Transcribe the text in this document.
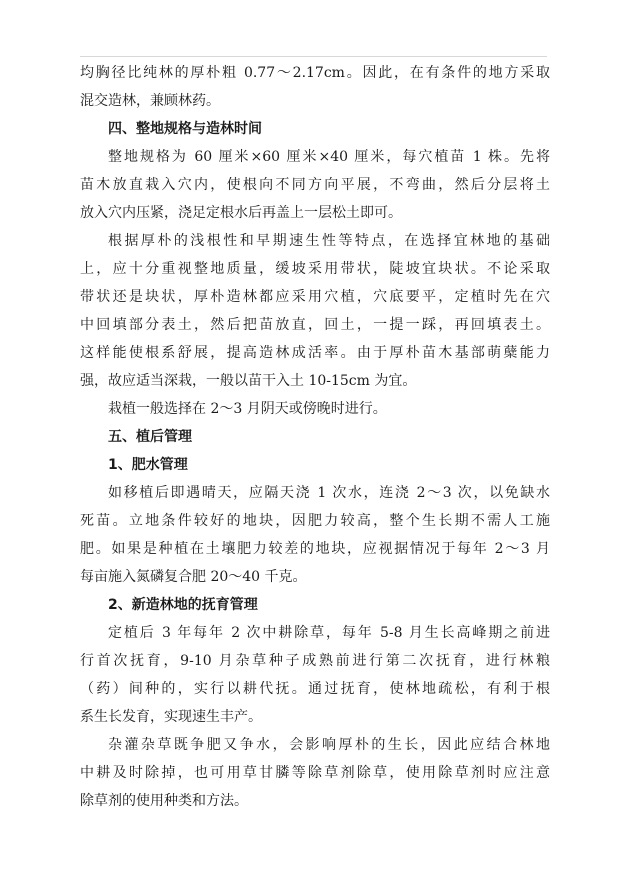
均胸径比纯林的厚朴粗 0.77～2.17cm。因此，在有条件的地方采取
混交造林，兼顾林药。
四、整地规格与造林时间
整地规格为 60 厘米×60 厘米×40 厘米，每穴植苗 1 株。先将
苗木放直栽入穴内，使根向不同方向平展，不弯曲，然后分层将土
放入穴内压紧，浇足定根水后再盖上一层松土即可。
根据厚朴的浅根性和早期速生性等特点，在选择宜林地的基础
上，应十分重视整地质量，缓坡采用带状，陡坡宜块状。不论采取
带状还是块状，厚朴造林都应采用穴植，穴底要平，定植时先在穴
中回填部分表土，然后把苗放直，回土，一提一踩，再回填表土。
这样能使根系舒展，提高造林成活率。由于厚朴苗木基部萌蘖能力
强，故应适当深栽，一般以苗干入土 10-15cm 为宜。
栽植一般选择在 2～3 月阴天或傍晚时进行。
五、植后管理
1、肥水管理
如移植后即遇晴天，应隔天浇 1 次水，连浇 2～3 次，以免缺水
死苗。立地条件较好的地块，因肥力较高，整个生长期不需人工施
肥。如果是种植在土壤肥力较差的地块，应视据情况于每年 2～3 月
每亩施入氮磷复合肥 20～40 千克。
2、新造林地的抚育管理
定植后 3 年每年 2 次中耕除草，每年 5-8 月生长高峰期之前进
行首次抚育，9-10 月杂草种子成熟前进行第二次抚育，进行林粮
（药）间种的，实行以耕代抚。通过抚育，使林地疏松，有利于根
系生长发育，实现速生丰产。
杂灌杂草既争肥又争水，会影响厚朴的生长，因此应结合林地
中耕及时除掉，也可用草甘膦等除草剂除草，使用除草剂时应注意
除草剂的使用种类和方法。
